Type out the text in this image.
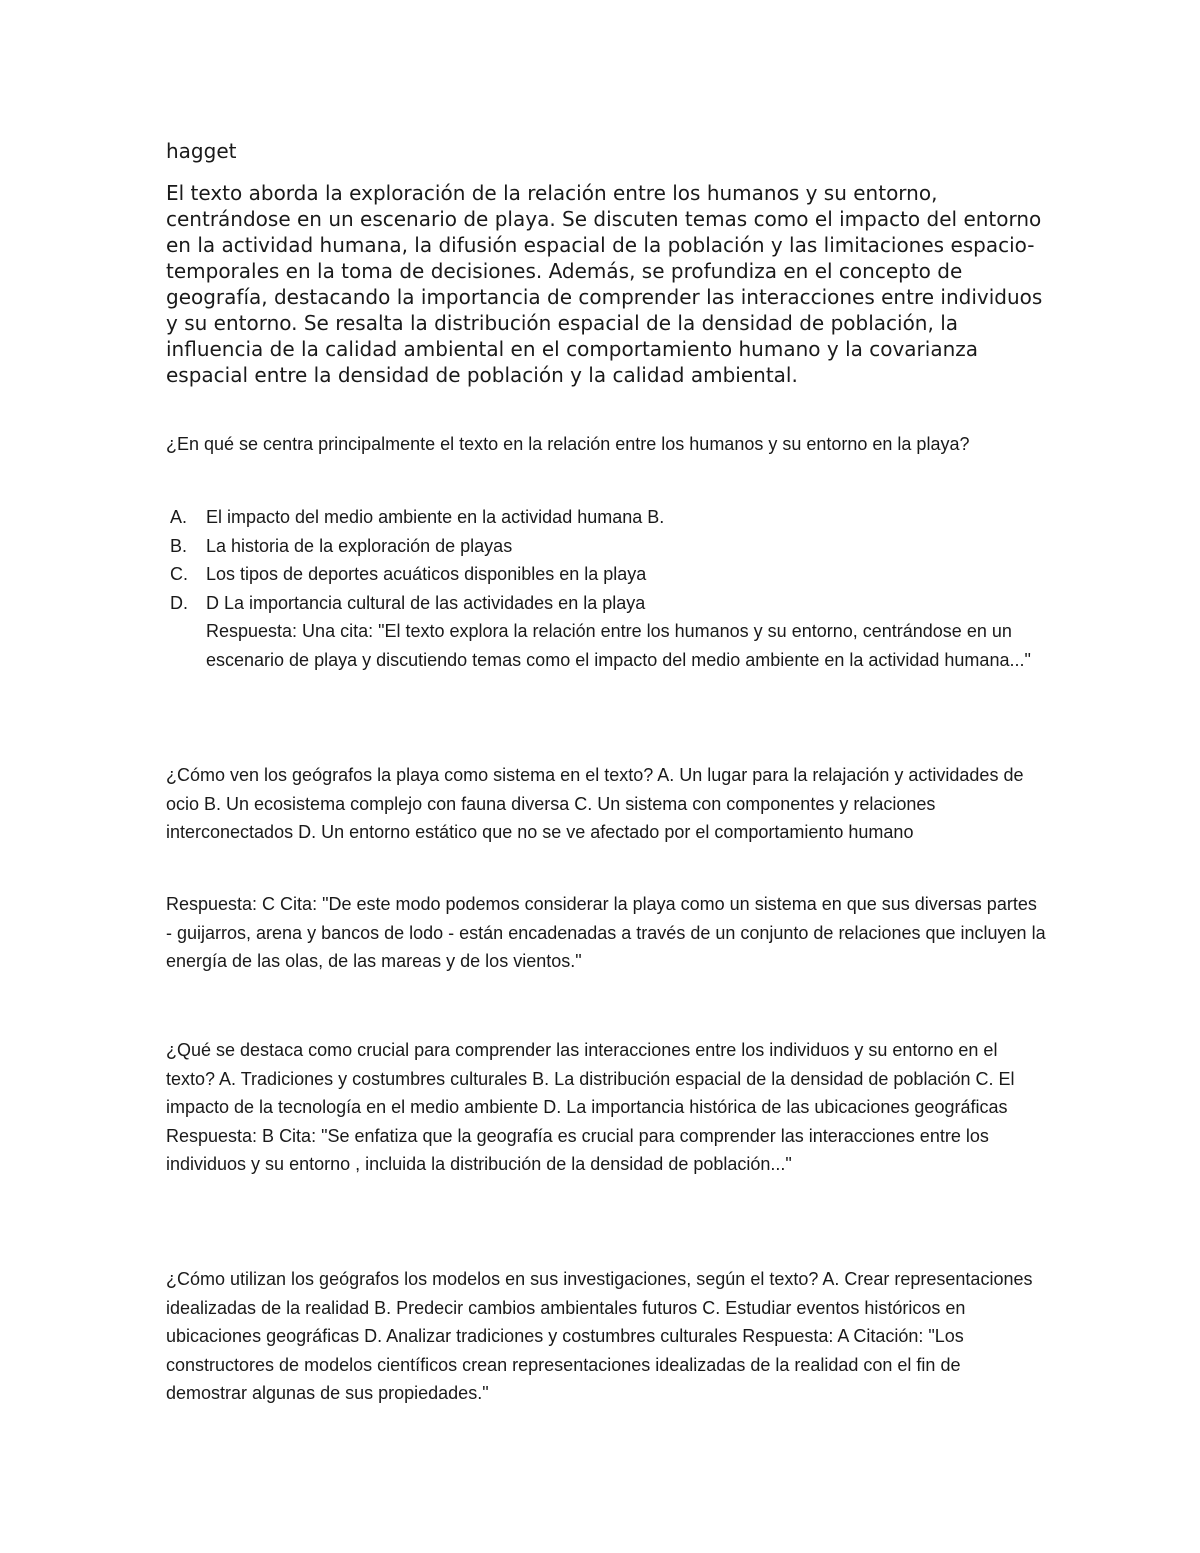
hagget

El texto aborda la exploración de la relación entre los humanos y su entorno, centrándose en un escenario de playa. Se discuten temas como el impacto del entorno en la actividad humana, la difusión espacial de la población y las limitaciones espacio-temporales en la toma de decisiones. Además, se profundiza en el concepto de geografía, destacando la importancia de comprender las interacciones entre individuos y su entorno. Se resalta la distribución espacial de la densidad de población, la influencia de la calidad ambiental en el comportamiento humano y la covarianza espacial entre la densidad de población y la calidad ambiental.

¿En qué se centra principalmente el texto en la relación entre los humanos y su entorno en la playa?

A.	El impacto del medio ambiente en la actividad humana B.
B.	La historia de la exploración de playas
C.	Los tipos de deportes acuáticos disponibles en la playa
D.	D La importancia cultural de las actividades en la playa

Respuesta: Una cita: "El texto explora la relación entre los humanos y su entorno, centrándose en un escenario de playa y discutiendo temas como el impacto del medio ambiente en la actividad humana..."

¿Cómo ven los geógrafos la playa como sistema en el texto? A. Un lugar para la relajación y actividades de ocio B. Un ecosistema complejo con fauna diversa C. Un sistema con componentes y relaciones interconectados D. Un entorno estático que no se ve afectado por el comportamiento humano

Respuesta: C Cita: "De este modo podemos considerar la playa como un sistema en que sus diversas partes - guijarros, arena y bancos de lodo - están encadenadas a través de un conjunto de relaciones que incluyen la energía de las olas, de las mareas y de los vientos."

¿Qué se destaca como crucial para comprender las interacciones entre los individuos y su entorno en el texto? A. Tradiciones y costumbres culturales B. La distribución espacial de la densidad de población C. El impacto de la tecnología en el medio ambiente D. La importancia histórica de las ubicaciones geográficas Respuesta: B Cita: "Se enfatiza que la geografía es crucial para comprender las interacciones entre los individuos y su entorno , incluida la distribución de la densidad de población..."

¿Cómo utilizan los geógrafos los modelos en sus investigaciones, según el texto? A. Crear representaciones idealizadas de la realidad B. Predecir cambios ambientales futuros C. Estudiar eventos históricos en ubicaciones geográficas D. Analizar tradiciones y costumbres culturales Respuesta: A Citación: "Los constructores de modelos científicos crean representaciones idealizadas de la realidad con el fin de demostrar algunas de sus propiedades."
